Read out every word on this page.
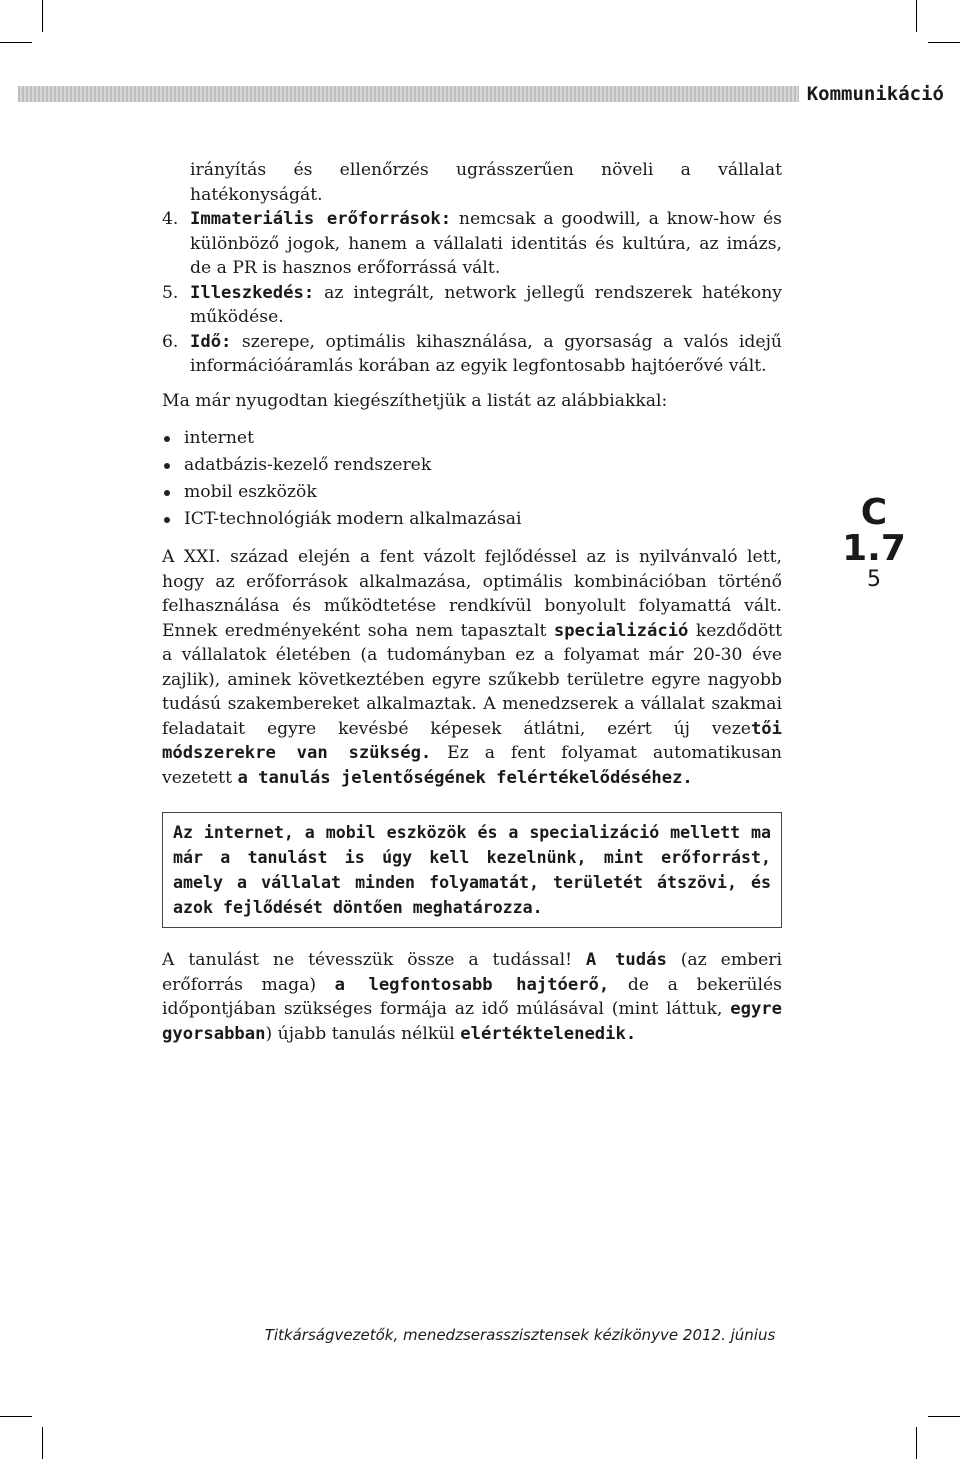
Kommunikáció

irányítás és ellenőrzés ugrásszerűen növeli a vállalat hatékonyságát.

4. Immateriális erőforrások: nemcsak a goodwill, a know-how és különböző jogok, hanem a vállalati identitás és kultúra, az imázs, de a PR is hasznos erőforrássá vált.

5. Illeszkedés: az integrált, network jellegű rendszerek hatékony működése.

6. Idő: szerepe, optimális kihasználása, a gyorsaság a valós idejű információáramlás korában az egyik legfontosabb hajtóerővé vált.

Ma már nyugodtan kiegészíthetjük a listát az alábbiakkal:

internet
adatbázis-kezelő rendszerek
mobil eszközök
ICT-technológiák modern alkalmazásai

A XXI. század elején a fent vázolt fejlődéssel az is nyilvánvaló lett, hogy az erőforrások alkalmazása, optimális kombinációban történő felhasználása és működtetése rendkívül bonyolult folyamattá vált. Ennek eredményeként soha nem tapasztalt specializáció kezdődött a vállalatok életében (a tudományban ez a folyamat már 20-30 éve zajlik), aminek következtében egyre szűkebb területre egyre nagyobb tudású szakembereket alkalmaztak. A menedzserek a vállalat szakmai feladatait egyre kevésbé képesek átlátni, ezért új vezetői módszerekre van szükség. Ez a fent folyamat automatikusan vezetett a tanulás jelentőségének felértékelődéséhez.

Az internet, a mobil eszközök és a specializáció mellett ma már a tanulást is úgy kell kezelnünk, mint erőforrást, amely a vállalat minden folyamatát, területét átszövi, és azok fejlődését döntően meghatározza.

A tanulást ne tévesszük össze a tudással! A tudás (az emberi erőforrás maga) a legfontosabb hajtóerő, de a bekerülés időpontjában szükséges formája az idő múlásával (mint láttuk, egyre gyorsabban) újabb tanulás nélkül elértéktelenedik.

C
1.7
5
Titkárságvezetők, menedzserasszisztensek kézikönyve 2012. június
